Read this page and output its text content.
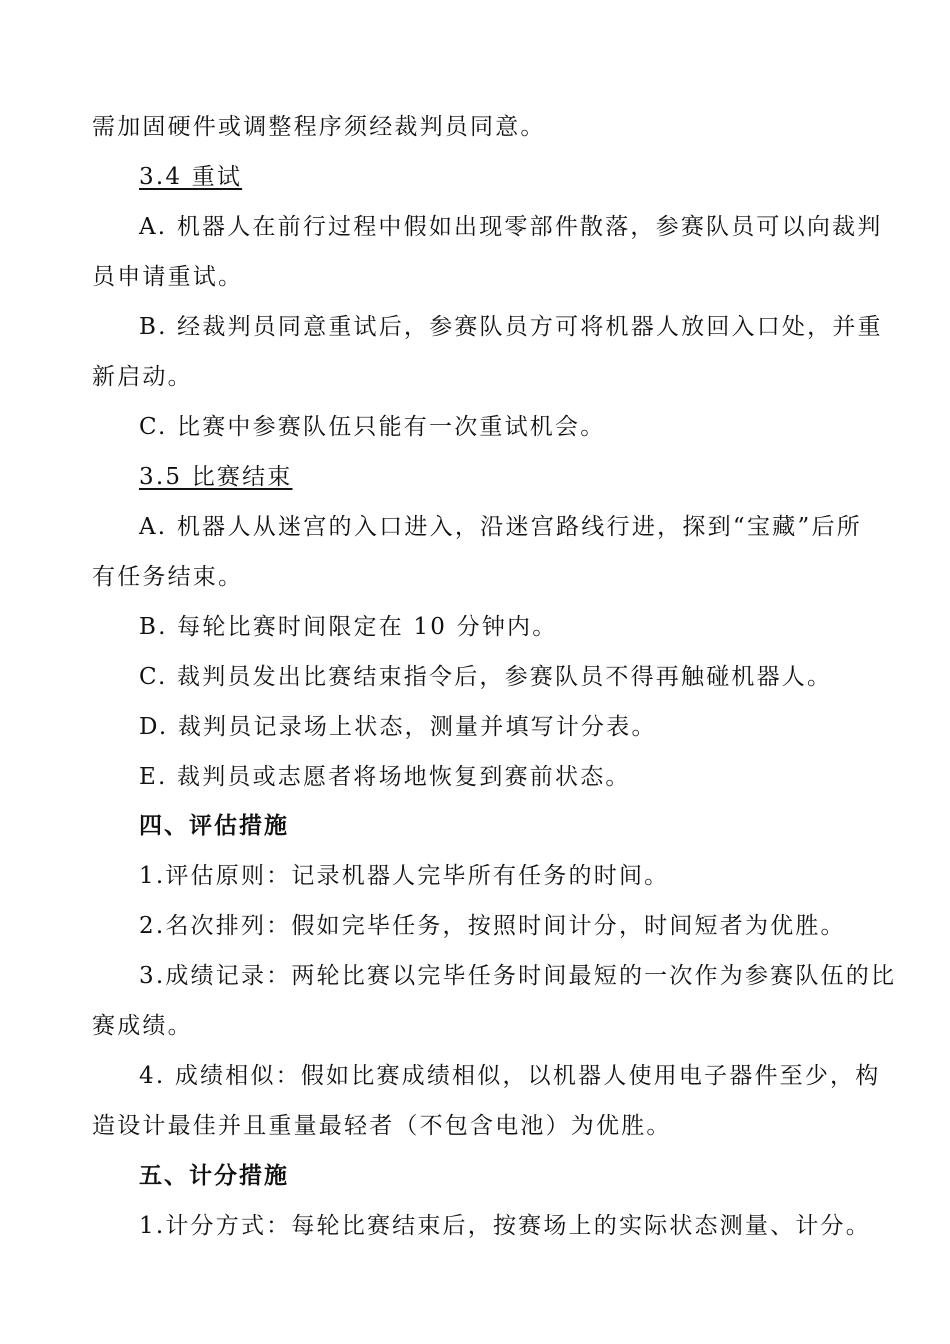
需加固硬件或调整程序须经裁判员同意。
3.4 重试
A. 机器人在前行过程中假如出现零部件散落，参赛队员可以向裁判
员申请重试。
B. 经裁判员同意重试后，参赛队员方可将机器人放回入口处，并重
新启动。
C. 比赛中参赛队伍只能有一次重试机会。
3.5 比赛结束
A. 机器人从迷宫的入口进入，沿迷宫路线行进，探到“宝藏”后所
有任务结束。
B. 每轮比赛时间限定在 10 分钟内。
C. 裁判员发出比赛结束指令后，参赛队员不得再触碰机器人。
D. 裁判员记录场上状态，测量并填写计分表。
E. 裁判员或志愿者将场地恢复到赛前状态。
四、评估措施
1.评估原则：记录机器人完毕所有任务的时间。
2.名次排列：假如完毕任务，按照时间计分，时间短者为优胜。
3.成绩记录：两轮比赛以完毕任务时间最短的一次作为参赛队伍的比
赛成绩。
4. 成绩相似：假如比赛成绩相似，以机器人使用电子器件至少，构
造设计最佳并且重量最轻者（不包含电池）为优胜。
五、计分措施
1.计分方式：每轮比赛结束后，按赛场上的实际状态测量、计分。
